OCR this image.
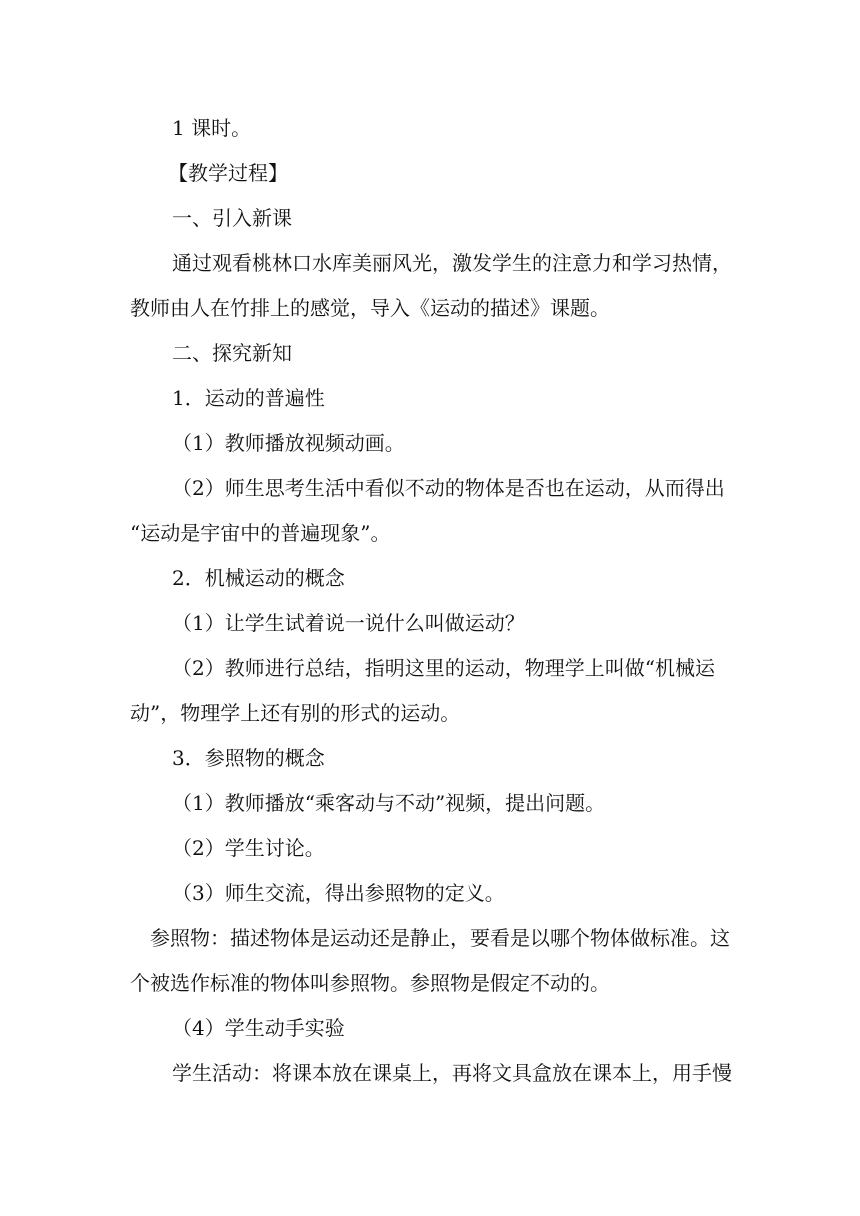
1 课时。

【教学过程】

一、引入新课

通过观看桃林口水库美丽风光，激发学生的注意力和学习热情，

教师由人在竹排上的感觉，导入《运动的描述》课题。

二、探究新知

1．运动的普遍性

（1）教师播放视频动画。

（2）师生思考生活中看似不动的物体是否也在运动，从而得出

“运动是宇宙中的普遍现象”。

2．机械运动的概念

（1）让学生试着说一说什么叫做运动？

（2）教师进行总结，指明这里的运动，物理学上叫做“机械运

动”，物理学上还有别的形式的运动。

3．参照物的概念

（1）教师播放“乘客动与不动”视频，提出问题。

（2）学生讨论。

（3）师生交流，得出参照物的定义。

参照物：描述物体是运动还是静止，要看是以哪个物体做标准。这

个被选作标准的物体叫参照物。参照物是假定不动的。

（4）学生动手实验

学生活动：将课本放在课桌上，再将文具盒放在课本上，用手慢
